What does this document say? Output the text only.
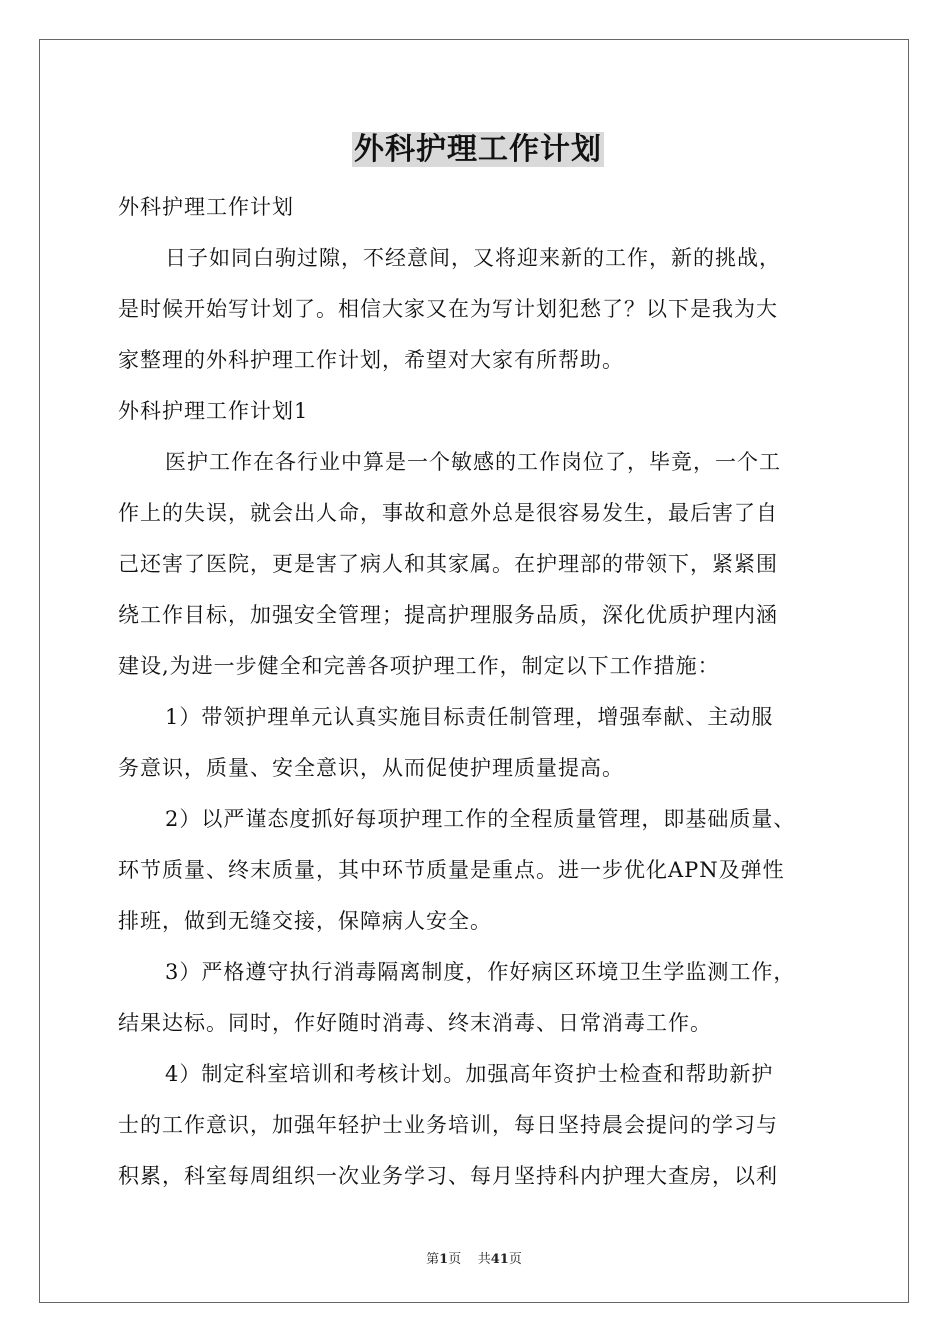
外科护理工作计划

外科护理工作计划

日子如同白驹过隙，不经意间，又将迎来新的工作，新的挑战，

是时候开始写计划了。相信大家又在为写计划犯愁了？以下是我为大

家整理的外科护理工作计划，希望对大家有所帮助。

外科护理工作计划1

医护工作在各行业中算是一个敏感的工作岗位了，毕竟，一个工

作上的失误，就会出人命，事故和意外总是很容易发生，最后害了自

己还害了医院，更是害了病人和其家属。在护理部的带领下，紧紧围

绕工作目标，加强安全管理；提高护理服务品质，深化优质护理内涵

建设,为进一步健全和完善各项护理工作，制定以下工作措施：

1）带领护理单元认真实施目标责任制管理，增强奉献、主动服

务意识，质量、安全意识，从而促使护理质量提高。

2）以严谨态度抓好每项护理工作的全程质量管理，即基础质量、

环节质量、终末质量，其中环节质量是重点。进一步优化APN及弹性

排班，做到无缝交接，保障病人安全。

3）严格遵守执行消毒隔离制度，作好病区环境卫生学监测工作，

结果达标。同时，作好随时消毒、终末消毒、日常消毒工作。

4）制定科室培训和考核计划。加强高年资护士检查和帮助新护

士的工作意识，加强年轻护士业务培训，每日坚持晨会提问的学习与

积累，科室每周组织一次业务学习、每月坚持科内护理大查房，以利

第1页 共41页
